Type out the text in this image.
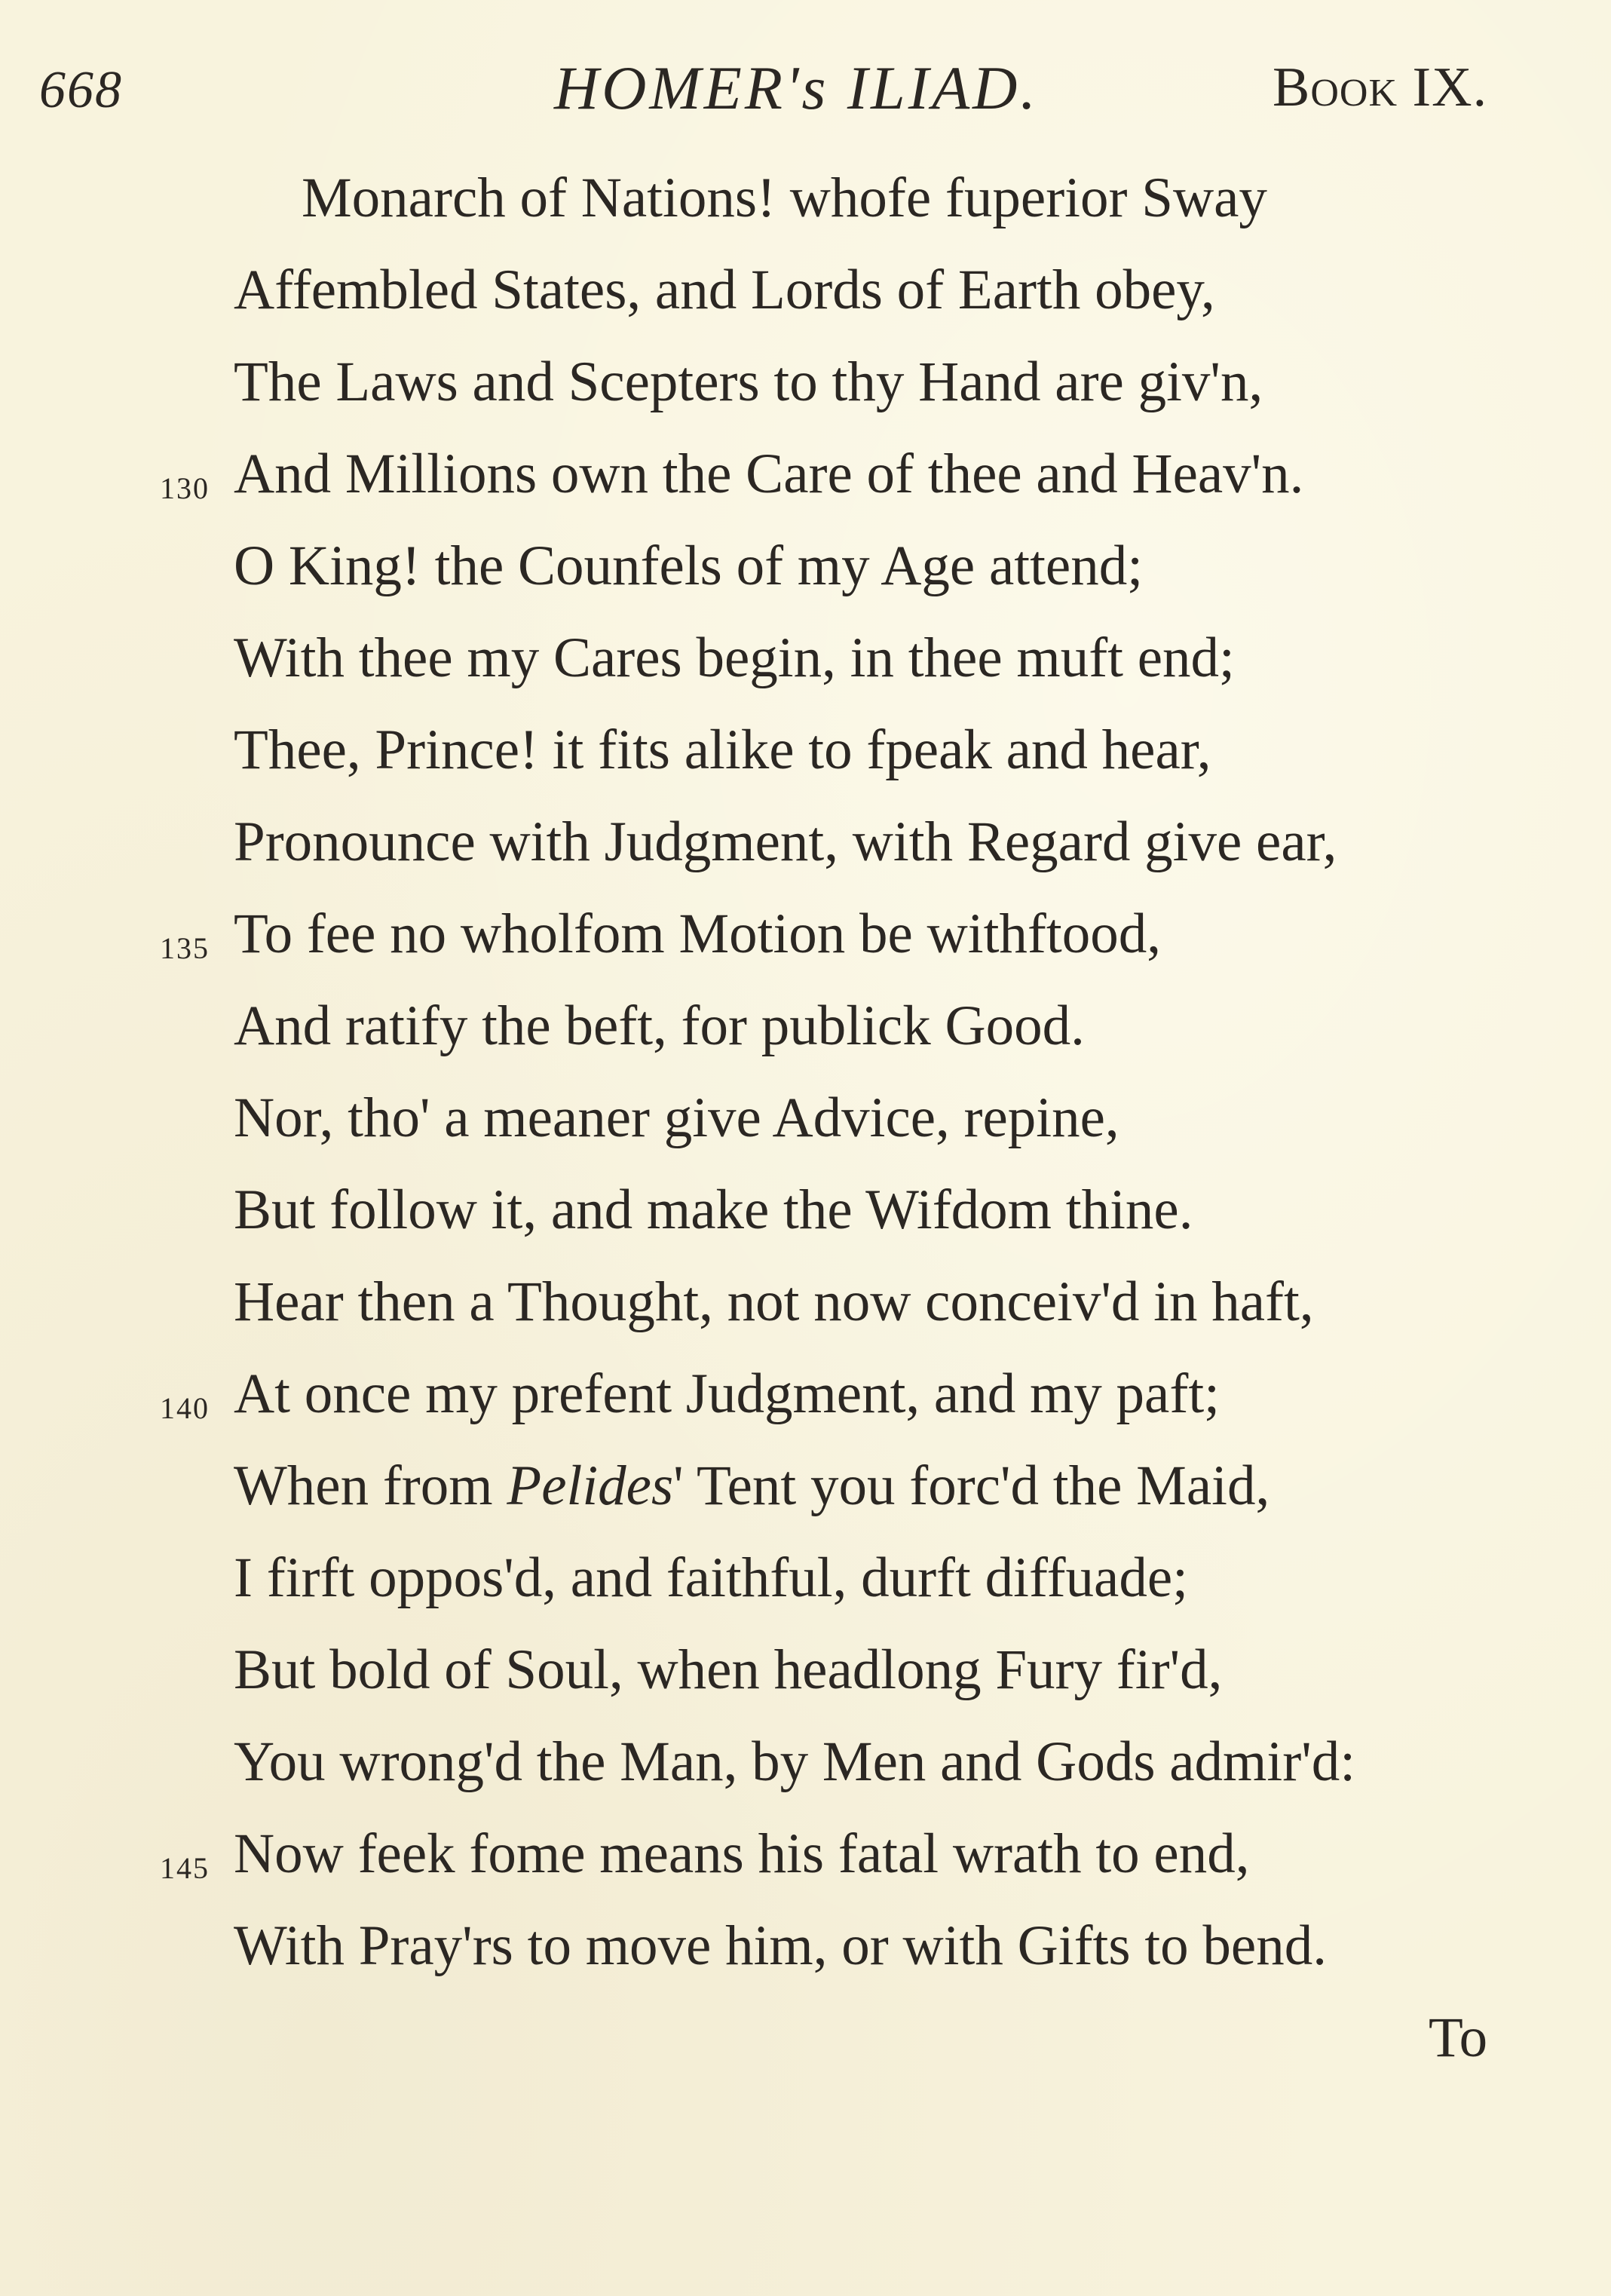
668	HOMER's ILIAD.	Book IX.
Monarch of Nations! whofe fuperior Sway
Affembled States, and Lords of Earth obey,
The Laws and Scepters to thy Hand are giv'n,
130 And Millions own the Care of thee and Heav'n.
O King! the Counfels of my Age attend;
With thee my Cares begin, in thee muft end;
Thee, Prince! it fits alike to fpeak and hear,
Pronounce with Judgment, with Regard give ear,
135 To fee no wholfom Motion be withftood,
And ratify the beft, for publick Good.
Nor, tho' a meaner give Advice, repine,
But follow it, and make the Wifdom thine.
Hear then a Thought, not now conceiv'd in haft,
140 At once my prefent Judgment, and my paft;
When from Pelides' Tent you forc'd the Maid,
I firft oppos'd, and faithful, durft diffuade;
But bold of Soul, when headlong Fury fir'd,
You wrong'd the Man, by Men and Gods admir'd:
145 Now feek fome means his fatal wrath to end,
With Pray'rs to move him, or with Gifts to bend.
To
